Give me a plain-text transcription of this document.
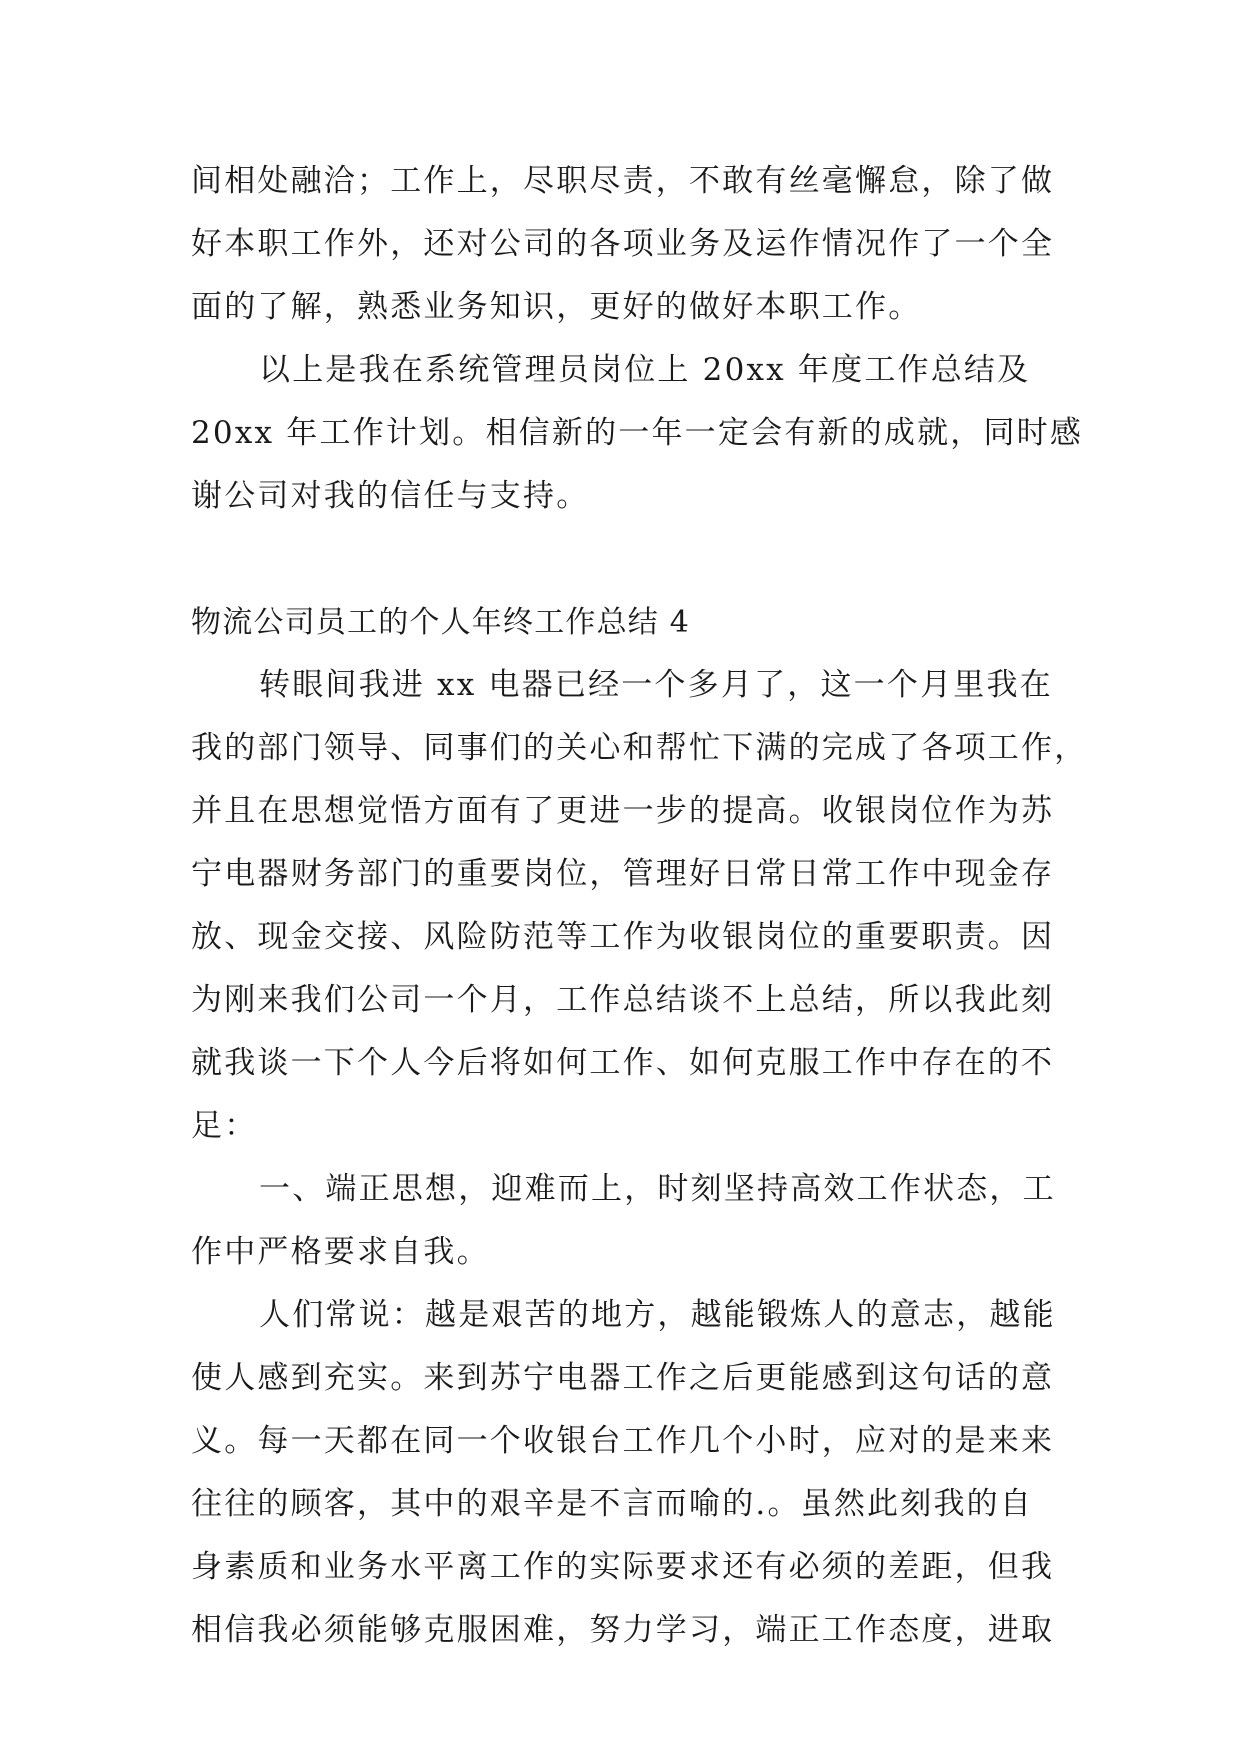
间相处融洽；工作上，尽职尽责，不敢有丝毫懈怠，除了做
好本职工作外，还对公司的各项业务及运作情况作了一个全
面的了解，熟悉业务知识，更好的做好本职工作。
以上是我在系统管理员岗位上 20xx 年度工作总结及
20xx 年工作计划。相信新的一年一定会有新的成就，同时感
谢公司对我的信任与支持。
物流公司员工的个人年终工作总结 4
转眼间我进 xx 电器已经一个多月了，这一个月里我在
我的部门领导、同事们的关心和帮忙下满的完成了各项工作，
并且在思想觉悟方面有了更进一步的提高。收银岗位作为苏
宁电器财务部门的重要岗位，管理好日常日常工作中现金存
放、现金交接、风险防范等工作为收银岗位的重要职责。因
为刚来我们公司一个月，工作总结谈不上总结，所以我此刻
就我谈一下个人今后将如何工作、如何克服工作中存在的不
足：
一、端正思想，迎难而上，时刻坚持高效工作状态，工
作中严格要求自我。
人们常说：越是艰苦的地方，越能锻炼人的意志，越能
使人感到充实。来到苏宁电器工作之后更能感到这句话的意
义。每一天都在同一个收银台工作几个小时，应对的是来来
往往的顾客，其中的艰辛是不言而喻的.。虽然此刻我的自
身素质和业务水平离工作的实际要求还有必须的差距，但我
相信我必须能够克服困难，努力学习，端正工作态度，进取
